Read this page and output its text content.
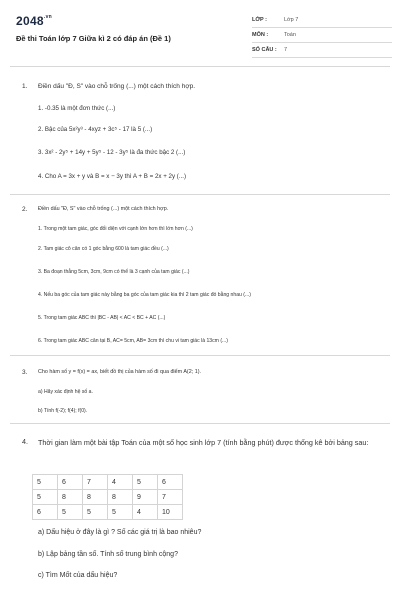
$2048^{.vn}$
Đề thi Toán lớp 7 Giữa kì 2 có đáp án (Đề 1)
LỚP :	Lớp 7
MÔN :	Toán
SỐ CÂU : 7
1. Điền dấu "Đ, S" vào chỗ trống (...) một cách thích hợp.
1. -0.35 là một đơn thức (...)
2. Bậc của 5x²y³ - 4xyz + 3c⁵ - 17 là 5 (...)
3. 3x² - 2y⁵ + 14y + 5y⁵ - 12 - 3y⁵ là đa thức bậc 2 (...)
4. Cho A = 3x + y và B = x − 3y thì A + B = 2x + 2y (...)
2. Điền dấu "Đ, S" vào chỗ trống (...) một cách thích hợp.
1. Trong một tam giác, góc đối diện với cạnh lớn hơn thì lớn hơn (...)
2. Tam giác cô cân có 1 góc bằng 600 là tam giác đều (...)
3. Ba đoạn thẳng 5cm, 3cm, 9cm có thể là 3 cạnh của tam giác (...)
4. Nếu ba góc của tam giác này bằng ba góc của tam giác kia thì 2 tam giác đó bằng nhau (...)
5. Trong tam giác ABC thì |BC - AB| < AC < BC + AC (...)
6. Trong tam giác ABC cân tại B, AC= 5cm, AB= 3cm thì chu vi tam giác là 13cm (...)
3. Cho hàm số y = f(x) = ax, biết đồ thị của hàm số đi qua điểm A(2; 1).
a) Hãy xác định hệ số a.
b) Tính f(-2); f(4); f(0).
4. Thời gian làm một bài tập Toán của một số học sinh lớp 7 (tính bằng phút) được thống kê bởi bảng sau:
a) Dấu hiệu ở đây là gì ? Số các giá trị là bao nhiêu?
b) Lập bảng tần số. Tính số trung bình cộng?
c) Tìm Mốt của dấu hiệu?
5	6	7	4	5	6
5	8	8	8	9	7
6	5	5	5	4	10
